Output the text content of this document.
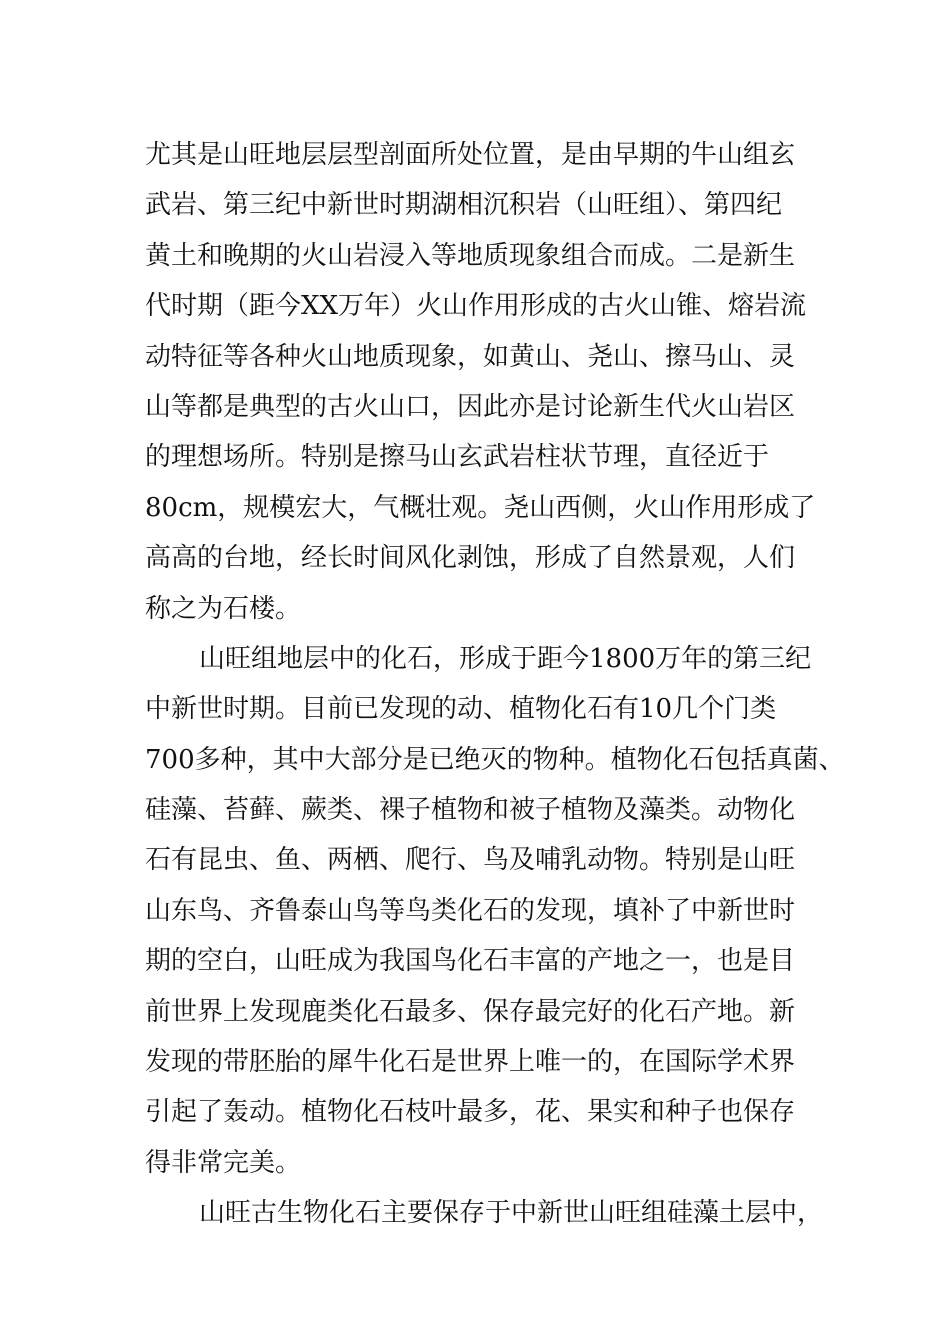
尤其是山旺地层层型剖面所处位置，是由早期的牛山组玄
武岩、第三纪中新世时期湖相沉积岩（山旺组）、第四纪
黄土和晚期的火山岩浸入等地质现象组合而成。二是新生
代时期（距今XX万年）火山作用形成的古火山锥、熔岩流
动特征等各种火山地质现象，如黄山、尧山、擦马山、灵
山等都是典型的古火山口，因此亦是讨论新生代火山岩区
的理想场所。特别是擦马山玄武岩柱状节理，直径近于
80cm，规模宏大，气概壮观。尧山西侧，火山作用形成了
高高的台地，经长时间风化剥蚀，形成了自然景观，人们
称之为石楼。
山旺组地层中的化石，形成于距今1800万年的第三纪
中新世时期。目前已发现的动、植物化石有10几个门类
700多种，其中大部分是已绝灭的物种。植物化石包括真菌、
硅藻、苔藓、蕨类、裸子植物和被子植物及藻类。动物化
石有昆虫、鱼、两栖、爬行、鸟及哺乳动物。特别是山旺
山东鸟、齐鲁泰山鸟等鸟类化石的发现，填补了中新世时
期的空白，山旺成为我国鸟化石丰富的产地之一，也是目
前世界上发现鹿类化石最多、保存最完好的化石产地。新
发现的带胚胎的犀牛化石是世界上唯一的，在国际学术界
引起了轰动。植物化石枝叶最多，花、果实和种子也保存
得非常完美。
山旺古生物化石主要保存于中新世山旺组硅藻土层中，
